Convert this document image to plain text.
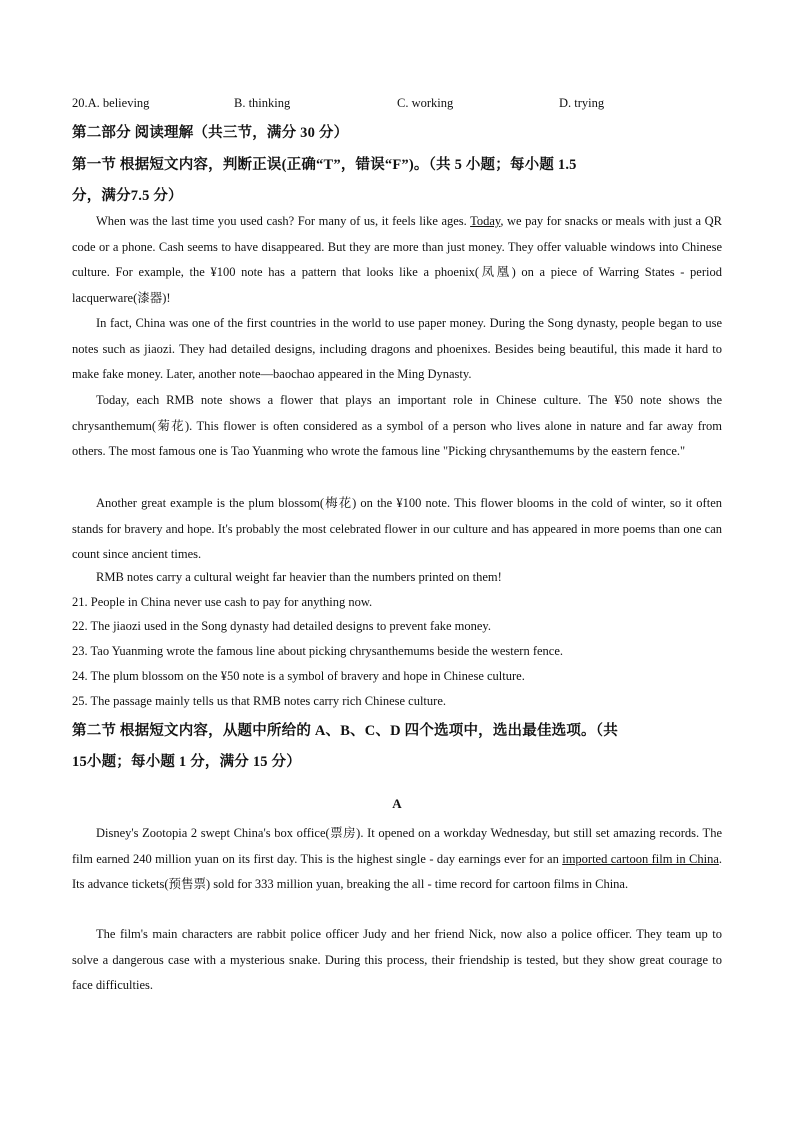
20.A. believing	B. thinking	C. working	D. trying
第二部分 阅读理解（共三节，满分 30 分）
第一节 根据短文内容，判断正误(正确“T”，错误“F”)。（共 5 小题；每小题 1.5
分，满分7.5 分）
When was the last time you used cash? For many of us, it feels like ages. Today, we pay for snacks or meals with just a QR code or a phone. Cash seems to have disappeared. But they are more than just money. They offer valuable windows into Chinese culture. For example, the ¥100 note has a pattern that looks like a phoenix(凤凰) on a piece of Warring States - period lacquerware(漆器)!
In fact, China was one of the first countries in the world to use paper money. During the Song dynasty, people began to use notes such as jiaozi. They had detailed designs, including dragons and phoenixes. Besides being beautiful, this made it hard to make fake money. Later, another note—baochao appeared in the Ming Dynasty.
Today, each RMB note shows a flower that plays an important role in Chinese culture. The ¥50 note shows the chrysanthemum(菊花). This flower is often considered as a symbol of a person who lives alone in nature and far away from others. The most famous one is Tao Yuanming who wrote the famous line "Picking chrysanthemums by the eastern fence."
Another great example is the plum blossom(梅花) on the ¥100 note. This flower blooms in the cold of winter, so it often stands for bravery and hope. It's probably the most celebrated flower in our culture and has appeared in more poems than one can count since ancient times.
RMB notes carry a cultural weight far heavier than the numbers printed on them!
21. People in China never use cash to pay for anything now.
22. The jiaozi used in the Song dynasty had detailed designs to prevent fake money.
23. Tao Yuanming wrote the famous line about picking chrysanthemums beside the western fence.
24. The plum blossom on the ¥50 note is a symbol of bravery and hope in Chinese culture.
25. The passage mainly tells us that RMB notes carry rich Chinese culture.
第二节 根据短文内容，从题中所给的 A、B、C、D 四个选项中，选出最佳选项。（共
15小题；每小题 1 分，满分 15 分）
A
Disney's Zootopia 2 swept China's box office(票房). It opened on a workday Wednesday, but still set amazing records. The film earned 240 million yuan on its first day. This is the highest single - day earnings ever for an imported cartoon film in China. Its advance tickets(预售票) sold for 333 million yuan, breaking the all - time record for cartoon films in China.
The film's main characters are rabbit police officer Judy and her friend Nick, now also a police officer. They team up to solve a dangerous case with a mysterious snake. During this process, their friendship is tested, but they show great courage to face difficulties.
